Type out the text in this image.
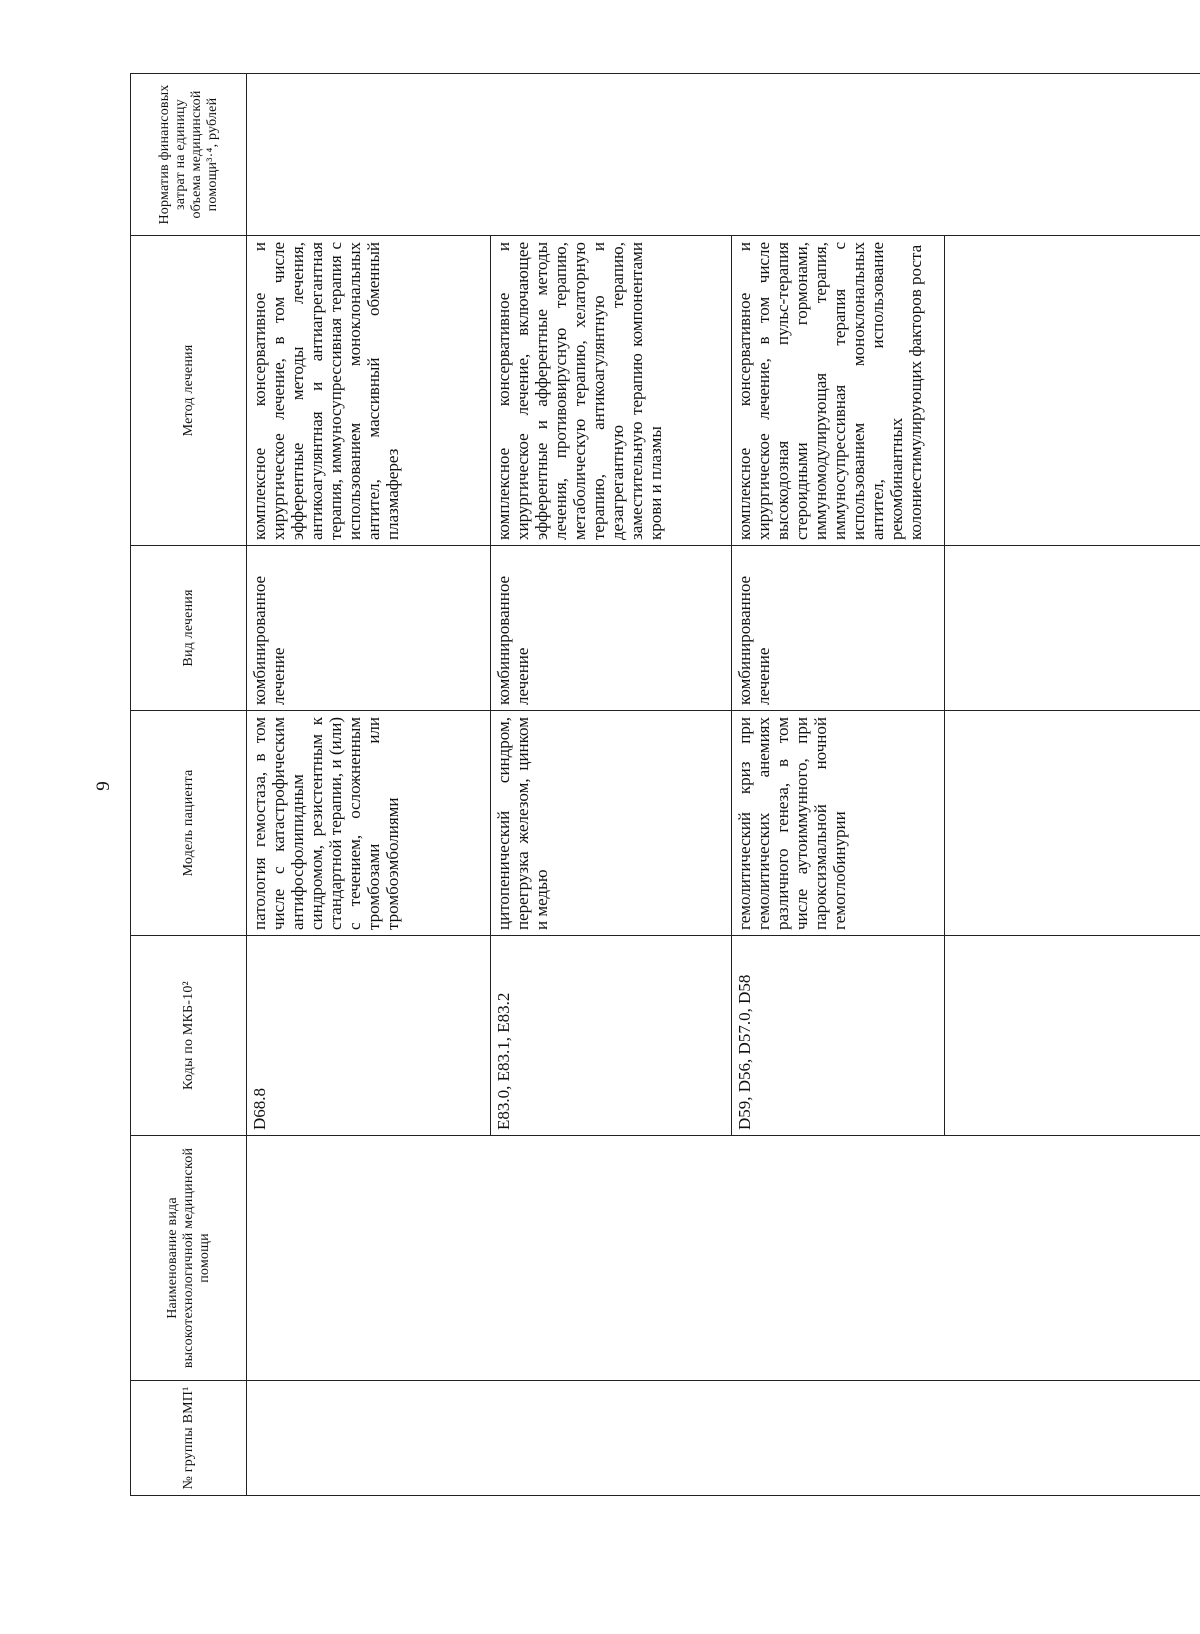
9
№ группы ВМП¹	Наименование вида высокотехнологичной медицинской помощи	Коды по МКБ-10²	Модель пациента	Вид лечения	Метод лечения	Норматив финансовых затрат на единицу объема медицинской помощи³·⁴, рублей

		D68.8	патология гемостаза, в том числе с катастрофическим антифосфолипидным синдромом, резистентным к стандартной терапии, и (или) с течением, осложненным тромбозами или тромбоэмболиями	комбинированное лечение	комплексное консервативное и хирургическое лечение, в том числе эфферентные методы лечения, антикоагулянтная и антиагрегантная терапия, иммуносупрессивная терапия с использованием моноклональных антител, массивный обменный плазмаферез	

		E83.0, E83.1, E83.2	цитопенический синдром, перегрузка железом, цинком и медью	комбинированное лечение	комплексное консервативное и хирургическое лечение, включающее эфферентные и афферентные методы лечения, противовирусную терапию, метаболическую терапию, хелаторную терапию, антикоагулянтную и дезагрегантную терапию, заместительную терапию компонентами крови и плазмы	

		D59, D56, D57.0, D58	гемолитический криз при гемолитических анемиях различного генеза, в том числе аутоиммунного, при пароксизмальной ночной гемоглобинурии	комбинированное лечение	комплексное консервативное и хирургическое лечение, в том числе высокодозная пульс-терапия стероидными гормонами, иммуномодулирующая терапия, иммуносупрессивная терапия с использованием моноклональных антител, использование рекомбинантных колониестимулирующих факторов роста	
